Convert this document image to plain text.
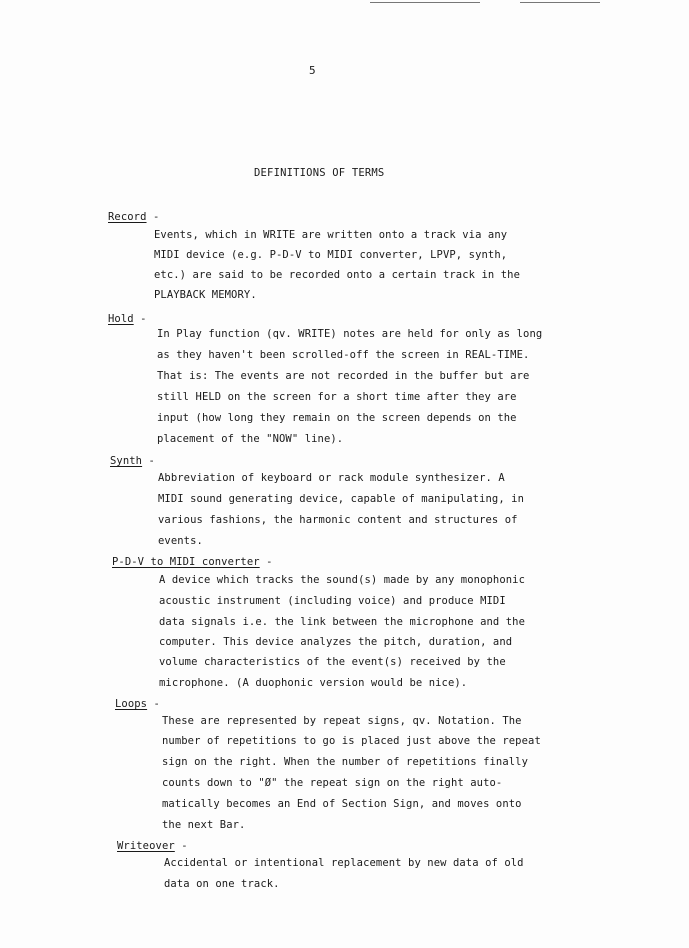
5
DEFINITIONS OF TERMS
Record -
Events, which in WRITE are written onto a track via any
MIDI device (e.g. P-D-V to MIDI converter, LPVP, synth,
etc.) are said to be recorded onto a certain track in the
PLAYBACK MEMORY.
Hold -
In Play function (qv. WRITE) notes are held for only as long
as they haven't been scrolled-off the screen in REAL-TIME.
That is: The events are not recorded in the buffer but are
still HELD on the screen for a short time after they are
input (how long they remain on the screen depends on the
placement of the "NOW" line).
Synth -
Abbreviation of keyboard or rack module synthesizer. A
MIDI sound generating device, capable of manipulating, in
various fashions, the harmonic content and structures of
events.
P-D-V to MIDI converter -
A device which tracks the sound(s) made by any monophonic
acoustic instrument (including voice) and produce MIDI
data signals i.e. the link between the microphone and the
computer. This device analyzes the pitch, duration, and
volume characteristics of the event(s) received by the
microphone. (A duophonic version would be nice).
Loops -
These are represented by repeat signs, qv. Notation. The
number of repetitions to go is placed just above the repeat
sign on the right. When the number of repetitions finally
counts down to "Ø" the repeat sign on the right auto-
matically becomes an End of Section Sign, and moves onto
the next Bar.
Writeover -
Accidental or intentional replacement by new data of old
data on one track.
